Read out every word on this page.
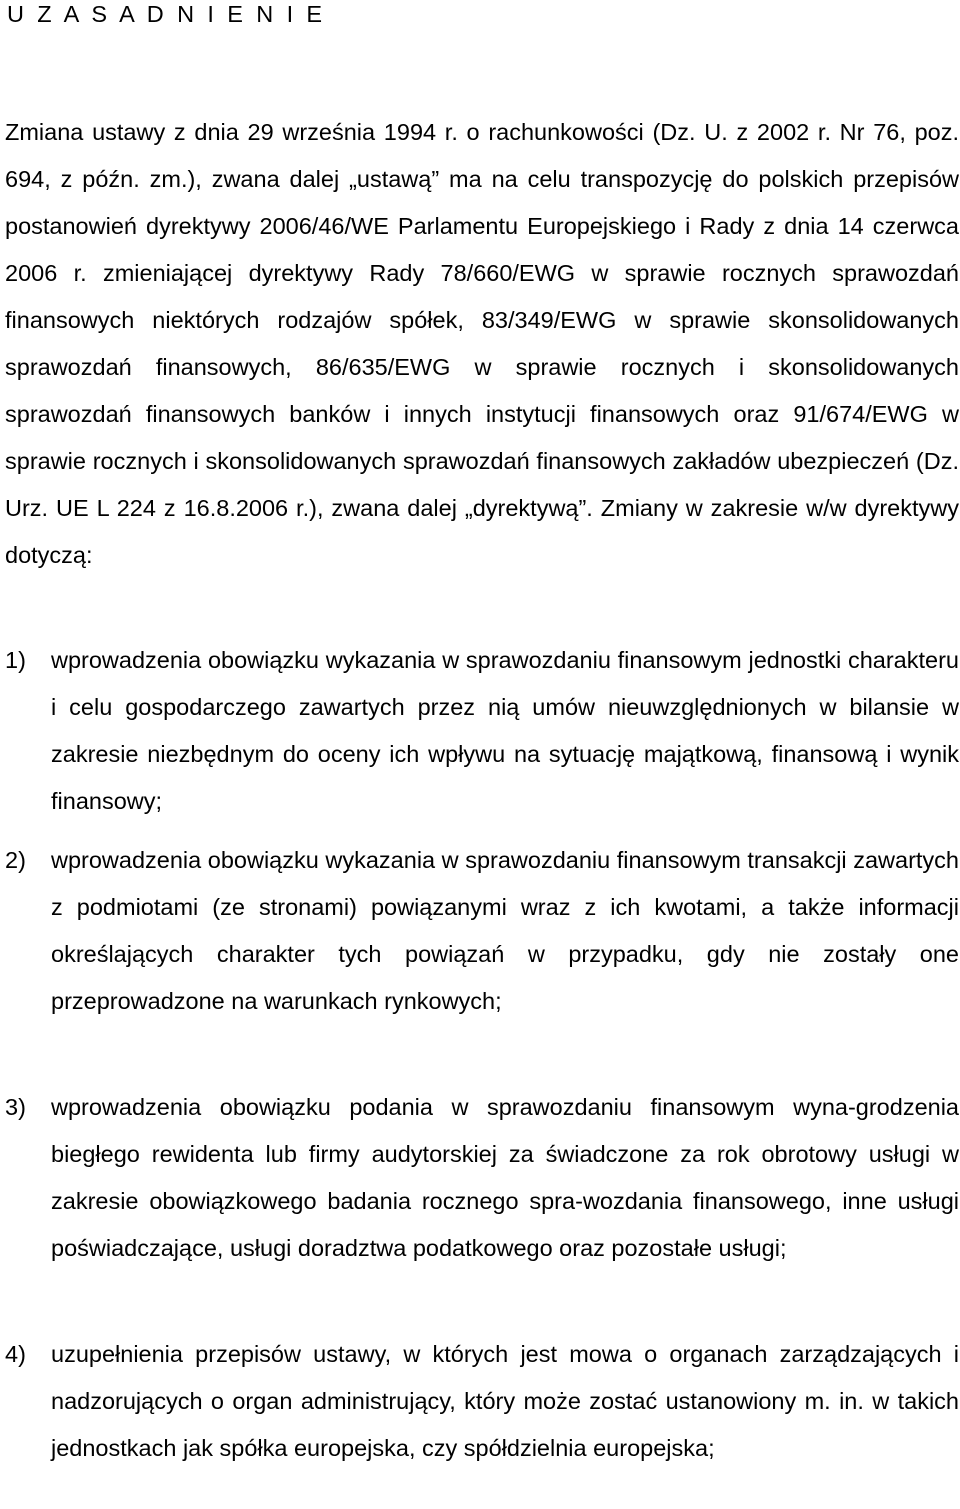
U Z A S A D N I E N I E
Zmiana ustawy z dnia 29 września 1994 r. o rachunkowości (Dz. U. z 2002 r. Nr 76, poz. 694, z późn. zm.), zwana dalej „ustawą” ma na celu transpozycję do polskich przepisów postanowień dyrektywy 2006/46/WE Parlamentu Europejskiego i Rady z dnia 14 czerwca 2006 r. zmieniającej dyrektywy Rady 78/660/EWG w sprawie rocznych sprawozdań finansowych niektórych rodzajów spółek, 83/349/EWG w sprawie skonsolidowanych sprawozdań finansowych, 86/635/EWG w sprawie rocznych i skonsolidowanych sprawozdań finansowych banków i innych instytucji finansowych oraz 91/674/EWG w sprawie rocznych i skonsolidowanych sprawozdań finansowych zakładów ubezpieczeń (Dz. Urz. UE L 224 z 16.8.2006 r.), zwana dalej „dyrektywą”. Zmiany w zakresie w/w dyrektywy dotyczą:
1) wprowadzenia obowiązku wykazania w sprawozdaniu finansowym jednostki charakteru i celu gospodarczego zawartych przez nią umów nieuwzględnionych w bilansie w zakresie niezbędnym do oceny ich wpływu na sytuację majątkową, finansową i wynik finansowy;
2) wprowadzenia obowiązku wykazania w sprawozdaniu finansowym transakcji zawartych z podmiotami (ze stronami) powiązanymi wraz z ich kwotami, a także informacji określających charakter tych powiązań w przypadku, gdy nie zostały one przeprowadzone na warunkach rynkowych;
3) wprowadzenia obowiązku podania w sprawozdaniu finansowym wyna-grodzenia biegłego rewidenta lub firmy audytorskiej za świadczone za rok obrotowy usługi w zakresie obowiązkowego badania rocznego spra-wozdania finansowego, inne usługi poświadczające, usługi doradztwa podatkowego oraz pozostałe usługi;
4) uzupełnienia przepisów ustawy, w których jest mowa o organach zarządzających i nadzorujących o organ administrujący, który może zostać ustanowiony m. in. w takich jednostkach jak spółka europejska, czy spółdzielnia europejska;
